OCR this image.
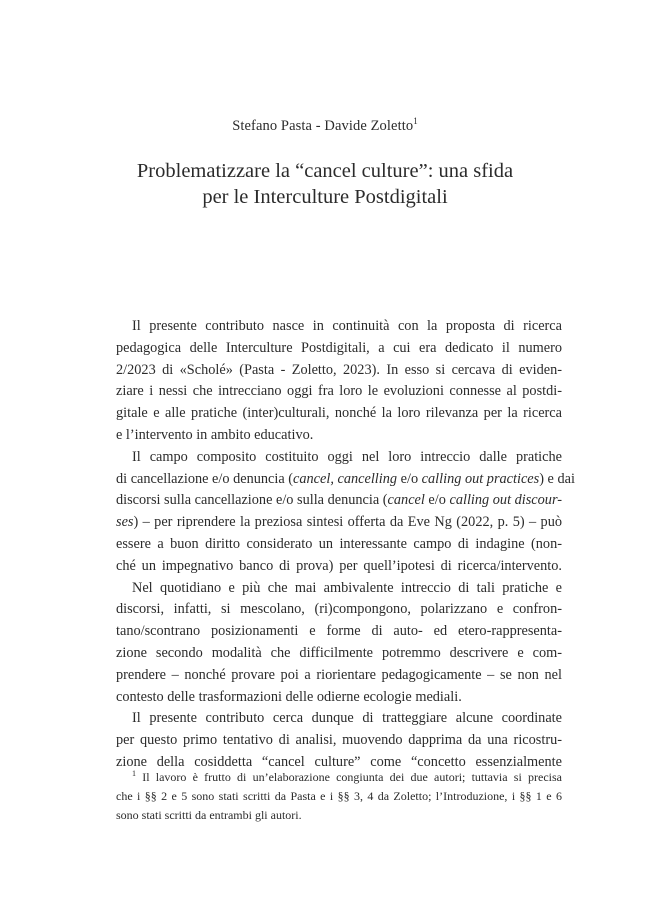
Stefano Pasta - Davide Zoletto$^1$
Problematizzare la “cancel culture”: una sfida
per le Interculture Postdigitali
Il presente contributo nasce in continuità con la proposta di ricerca
pedagogica delle Interculture Postdigitali, a cui era dedicato il numero
2/2023 di «Scholé» (Pasta - Zoletto, 2023). In esso si cercava di eviden-
ziare i nessi che intrecciano oggi fra loro le evoluzioni connesse al postdi-
gitale e alle pratiche (inter)culturali, nonché la loro rilevanza per la ricerca
e l’intervento in ambito educativo.
Il campo composito costituito oggi nel loro intreccio dalle pratiche
di cancellazione e/o denuncia (cancel, cancelling e/o calling out practices) e dai
discorsi sulla cancellazione e/o sulla denuncia (cancel e/o calling out discour-
ses) – per riprendere la preziosa sintesi offerta da Eve Ng (2022, p. 5) – può
essere a buon diritto considerato un interessante campo di indagine (non-
ché un impegnativo banco di prova) per quell’ipotesi di ricerca/intervento.
Nel quotidiano e più che mai ambivalente intreccio di tali pratiche e
discorsi, infatti, si mescolano, (ri)compongono, polarizzano e confron-
tano/scontrano posizionamenti e forme di auto- ed etero-rappresenta-
zione secondo modalità che difficilmente potremmo descrivere e com-
prendere – nonché provare poi a riorientare pedagogicamente – se non nel
contesto delle trasformazioni delle odierne ecologie mediali.
Il presente contributo cerca dunque di tratteggiare alcune coordinate
per questo primo tentativo di analisi, muovendo dapprima da una ricostru-
zione della cosiddetta “cancel culture” come “concetto essenzialmente
$^1$ Il lavoro è frutto di un’elaborazione congiunta dei due autori; tuttavia si precisa
che i §§ 2 e 5 sono stati scritti da Pasta e i §§ 3, 4 da Zoletto; l’Introduzione, i §§ 1 e 6
sono stati scritti da entrambi gli autori.
